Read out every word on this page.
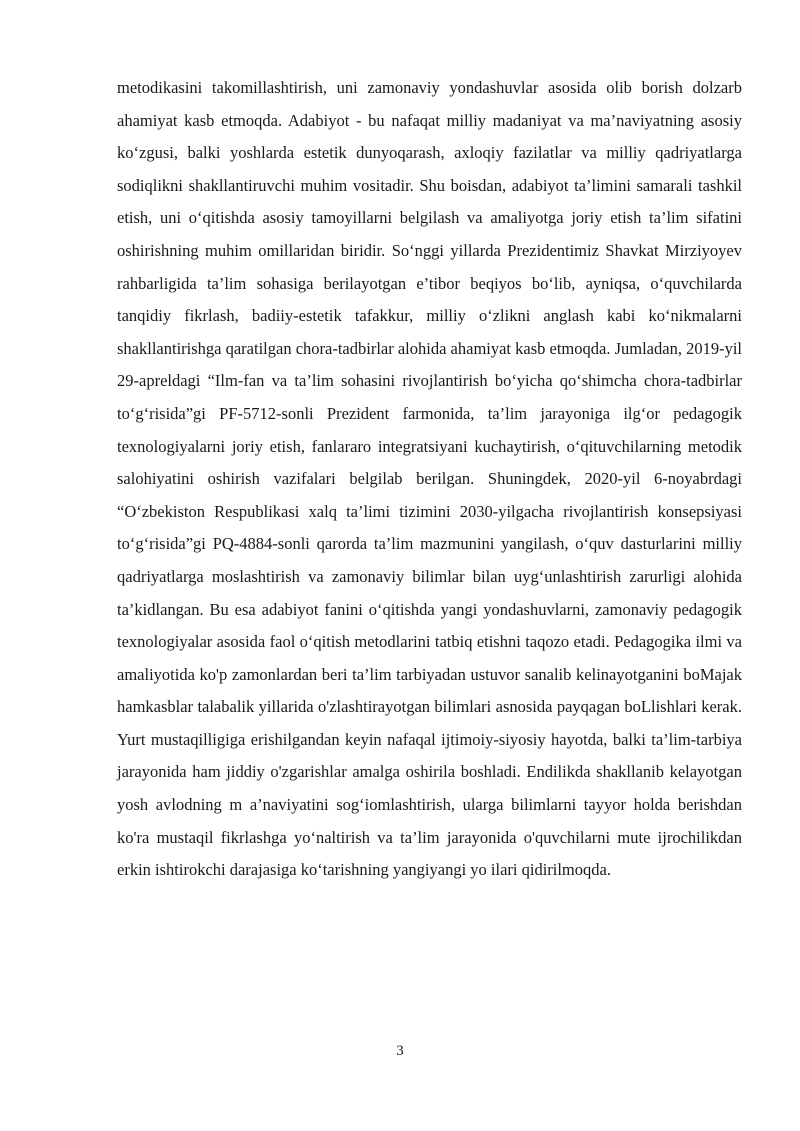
metodikasini takomillashtirish, uni zamonaviy yondashuvlar asosida olib borish dolzarb ahamiyat kasb etmoqda. Adabiyot - bu nafaqat milliy madaniyat va ma’naviyatning asosiy ko‘zgusi, balki yoshlarda estetik dunyoqarash, axloqiy fazilatlar va milliy qadriyatlarga sodiqlikni shakllantiruvchi muhim vositadir. Shu boisdan, adabiyot ta’limini samarali tashkil etish, uni o‘qitishda asosiy tamoyillarni belgilash va amaliyotga joriy etish ta’lim sifatini oshirishning muhim omillaridan biridir. So‘nggi yillarda Prezidentimiz Shavkat Mirziyoyev rahbarligida ta’lim sohasiga berilayotgan e’tibor beqiyos bo‘lib, ayniqsa, o‘quvchilarda tanqidiy fikrlash, badiiy-estetik tafakkur, milliy o‘zlikni anglash kabi ko‘nikmalarni shakllantirishga qaratilgan chora-tadbirlar alohida ahamiyat kasb etmoqda. Jumladan, 2019-yil 29-apreldagi “Ilm-fan va ta’lim sohasini rivojlantirish bo‘yicha qo‘shimcha chora-tadbirlar to‘g‘risida”gi PF-5712-sonli Prezident farmonida, ta’lim jarayoniga ilg‘or pedagogik texnologiyalarni joriy etish, fanlararo integratsiyani kuchaytirish, o‘qituvchilarning metodik salohiyatini oshirish vazifalari belgilab berilgan. Shuningdek, 2020-yil 6-noyabrdagi “O‘zbekiston Respublikasi xalq ta’limi tizimini 2030-yilgacha rivojlantirish konsepsiyasi to‘g‘risida”gi PQ-4884-sonli qarorda ta’lim mazmunini yangilash, o‘quv dasturlarini milliy qadriyatlarga moslashtirish va zamonaviy bilimlar bilan uyg‘unlashtirish zarurligi alohida ta’kidlangan. Bu esa adabiyot fanini o‘qitishda yangi yondashuvlarni, zamonaviy pedagogik texnologiyalar asosida faol o‘qitish metodlarini tatbiq etishni taqozo etadi. Pedagogika ilmi va amaliyotida ko'p zamonlardan beri ta’lim tarbiyadan ustuvor sanalib kelinayotganini boMajak hamkasblar talabalik yillarida o'zlashtirayotgan bilimlari asnosida payqagan boLlishlari kerak. Yurt mustaqilligiga erishilgandan keyin nafaqal ijtimoiy-siyosiy hayotda, balki ta’lim-tarbiya jarayonida ham jiddiy o'zgarishlar amalga oshirila boshladi. Endilikda shakllanib kelayotgan yosh avlodning m a’naviyatini sog‘iomlashtirish, ularga bilimlarni tayyor holda berishdan ko'ra mustaqil fikrlashga yo‘naltirish va ta’lim jarayonida o'quvchilarni mute ijrochilikdan erkin ishtirokchi darajasiga ko‘tarishning yangiyangi yo ilari qidirilmoqda.

3
